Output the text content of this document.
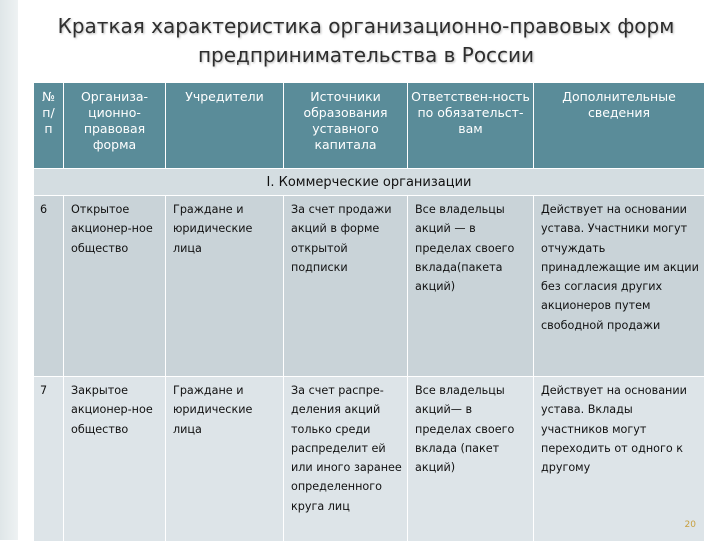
Краткая характеристика организационно-правовых форм
предпринимательства в России
№ п/ п	Организа-ционно-правовая форма	Учредители	Источники образования уставного капитала	Ответствен-ность по обязательст-вам	Дополнительные сведения
I. Коммерческие организации					
6	Открытое акционер-ное общество	Граждане и юридические лица	За счет продажи акций в форме открытой подписки	Все владельцы акций — в пределах своего вклада(пакета акций)	Действует на основании устава. Участники могут отчуждать принадлежащие им акции без согласия других акционеров путем свободной продажи
7	Закрытое акционер-ное общество	Граждане и юридические лица	За счет распре-деления акций только среди распределит ей или иного заранее определенного круга лиц	Все владельцы акций— в пределах своего вклада (пакет акций)	Действует на основании устава. Вклады участников могут переходить от одного к другому
20
